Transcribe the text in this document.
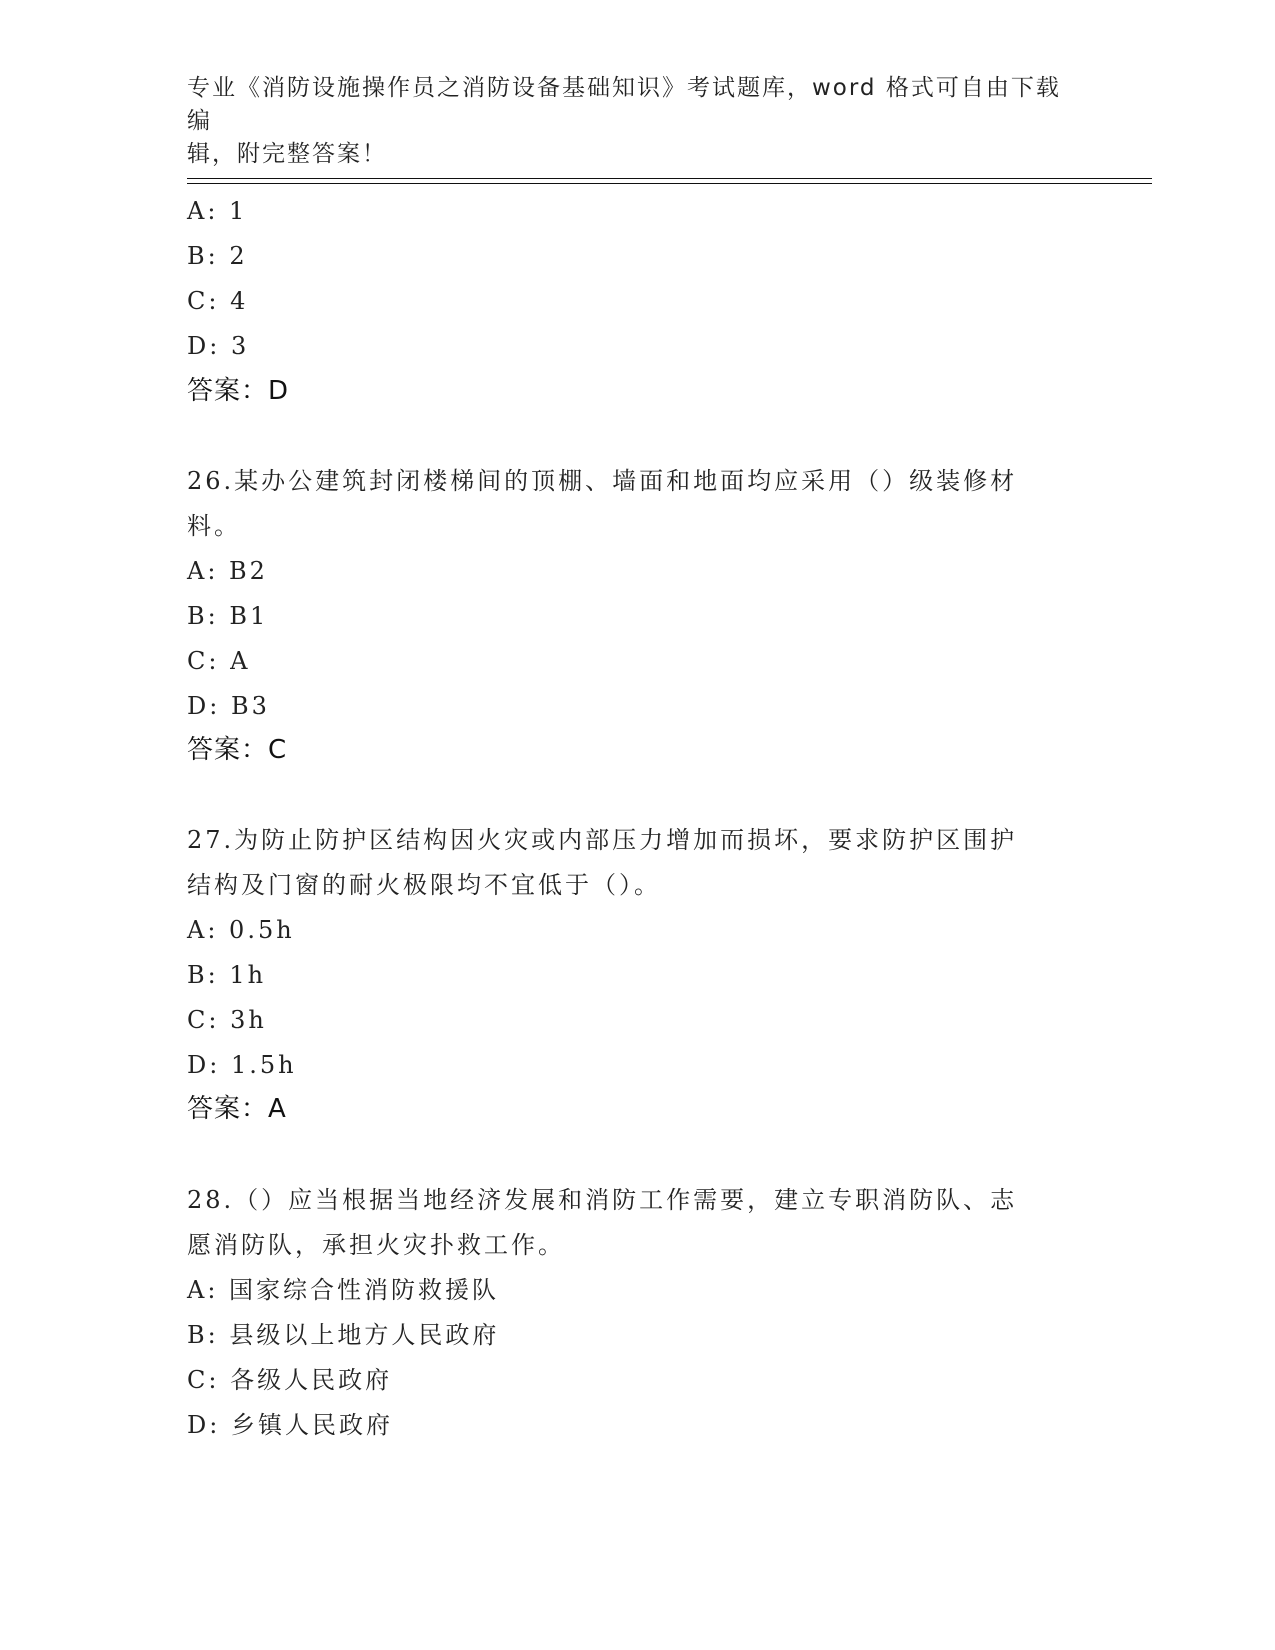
专业《消防设施操作员之消防设备基础知识》考试题库，word 格式可自由下载编
辑，附完整答案！
A: 1
B: 2
C: 4
D: 3
答案：D
26.某办公建筑封闭楼梯间的顶棚、墙面和地面均应采用（）级装修材
料。
A: B2
B: B1
C: A
D: B3
答案：C
27.为防止防护区结构因火灾或内部压力增加而损坏，要求防护区围护
结构及门窗的耐火极限均不宜低于（）。
A: 0.5h
B: 1h
C: 3h
D: 1.5h
答案：A
28.（）应当根据当地经济发展和消防工作需要，建立专职消防队、志
愿消防队，承担火灾扑救工作。
A: 国家综合性消防救援队
B: 县级以上地方人民政府
C: 各级人民政府
D: 乡镇人民政府
